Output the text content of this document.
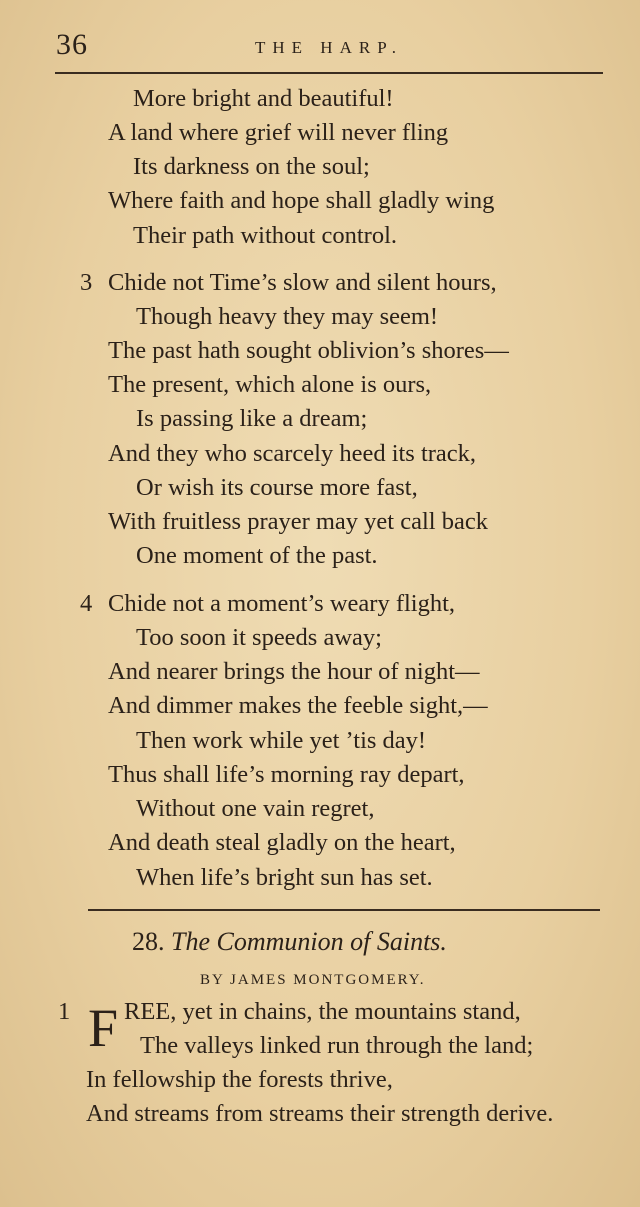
36	THE HARP.
More bright and beautiful!
A land where grief will never fling
Its darkness on the soul;
Where faith and hope shall gladly wing
Their path without control.
3 Chide not Time’s slow and silent hours,
Though heavy they may seem!
The past hath sought oblivion’s shores—
The present, which alone is ours,
Is passing like a dream;
And they who scarcely heed its track,
Or wish its course more fast,
With fruitless prayer may yet call back
One moment of the past.
4 Chide not a moment’s weary flight,
Too soon it speeds away;
And nearer brings the hour of night—
And dimmer makes the feeble sight,—
Then work while yet ’tis day!
Thus shall life’s morning ray depart,
Without one vain regret,
And death steal gladly on the heart,
When life’s bright sun has set.
28. The Communion of Saints.
BY JAMES MONTGOMERY.
1 F REE, yet in chains, the mountains stand,
The valleys linked run through the land;
In fellowship the forests thrive,
And streams from streams their strength derive.
